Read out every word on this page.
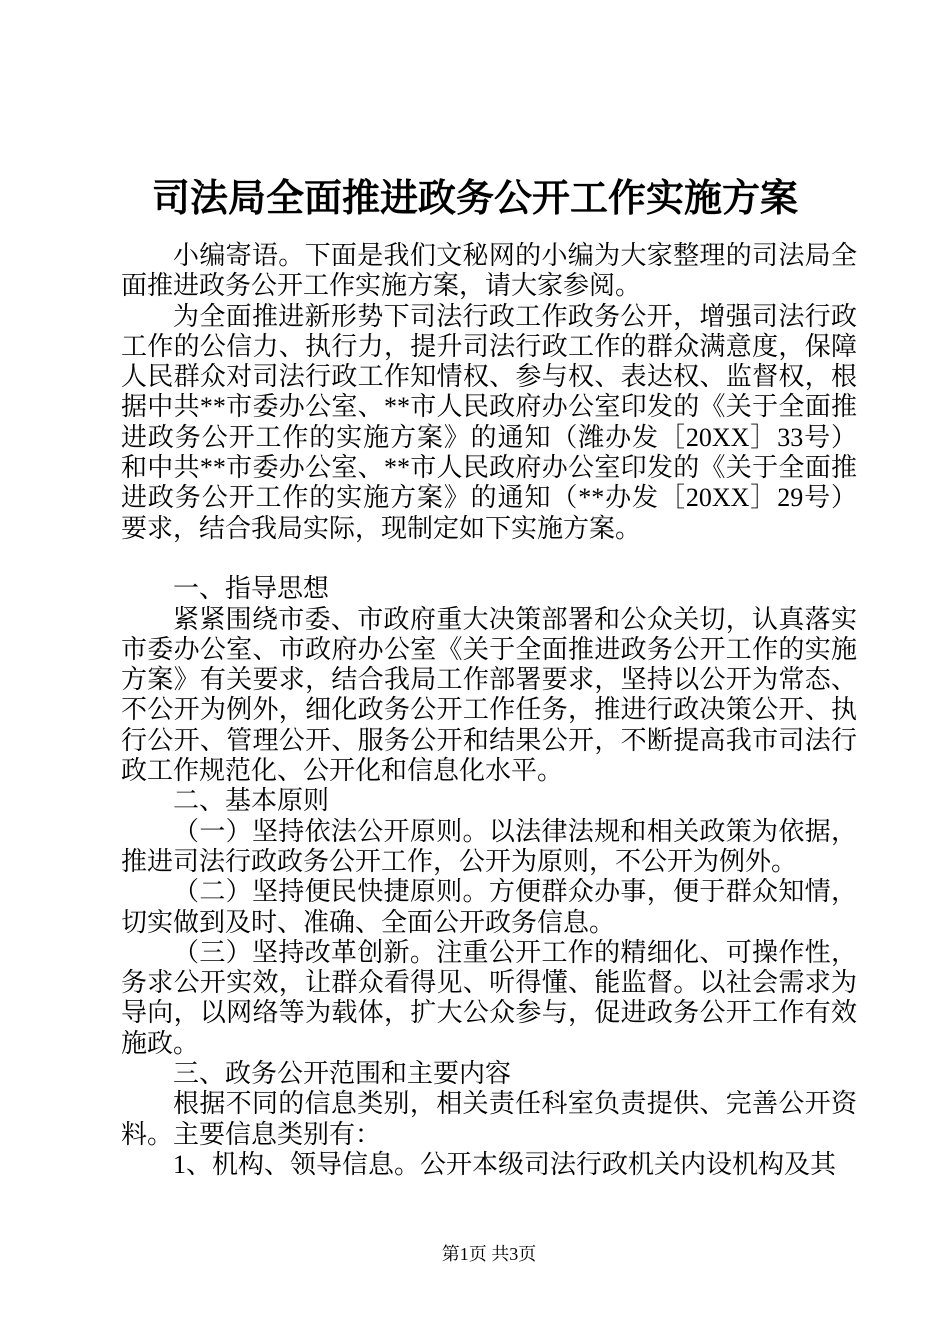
司法局全面推进政务公开工作实施方案

小编寄语。下面是我们文秘网的小编为大家整理的司法局全面推进政务公开工作实施方案，请大家参阅。

为全面推进新形势下司法行政工作政务公开，增强司法行政工作的公信力、执行力，提升司法行政工作的群众满意度，保障人民群众对司法行政工作知情权、参与权、表达权、监督权，根据中共**市委办公室、**市人民政府办公室印发的《关于全面推进政务公开工作的实施方案》的通知（潍办发［20XX］33号）和中共**市委办公室、**市人民政府办公室印发的《关于全面推进政务公开工作的实施方案》的通知（**办发［20XX］29号）要求，结合我局实际，现制定如下实施方案。

一、指导思想

紧紧围绕市委、市政府重大决策部署和公众关切，认真落实市委办公室、市政府办公室《关于全面推进政务公开工作的实施方案》有关要求，结合我局工作部署要求，坚持以公开为常态、不公开为例外，细化政务公开工作任务，推进行政决策公开、执行公开、管理公开、服务公开和结果公开，不断提高我市司法行政工作规范化、公开化和信息化水平。

二、基本原则

（一）坚持依法公开原则。以法律法规和相关政策为依据，推进司法行政政务公开工作，公开为原则，不公开为例外。

（二）坚持便民快捷原则。方便群众办事，便于群众知情，切实做到及时、准确、全面公开政务信息。

（三）坚持改革创新。注重公开工作的精细化、可操作性，务求公开实效，让群众看得见、听得懂、能监督。以社会需求为导向，以网络等为载体，扩大公众参与，促进政务公开工作有效施政。

三、政务公开范围和主要内容

根据不同的信息类别，相关责任科室负责提供、完善公开资料。主要信息类别有：

1、机构、领导信息。公开本级司法行政机关内设机构及其

第1页 共3页
